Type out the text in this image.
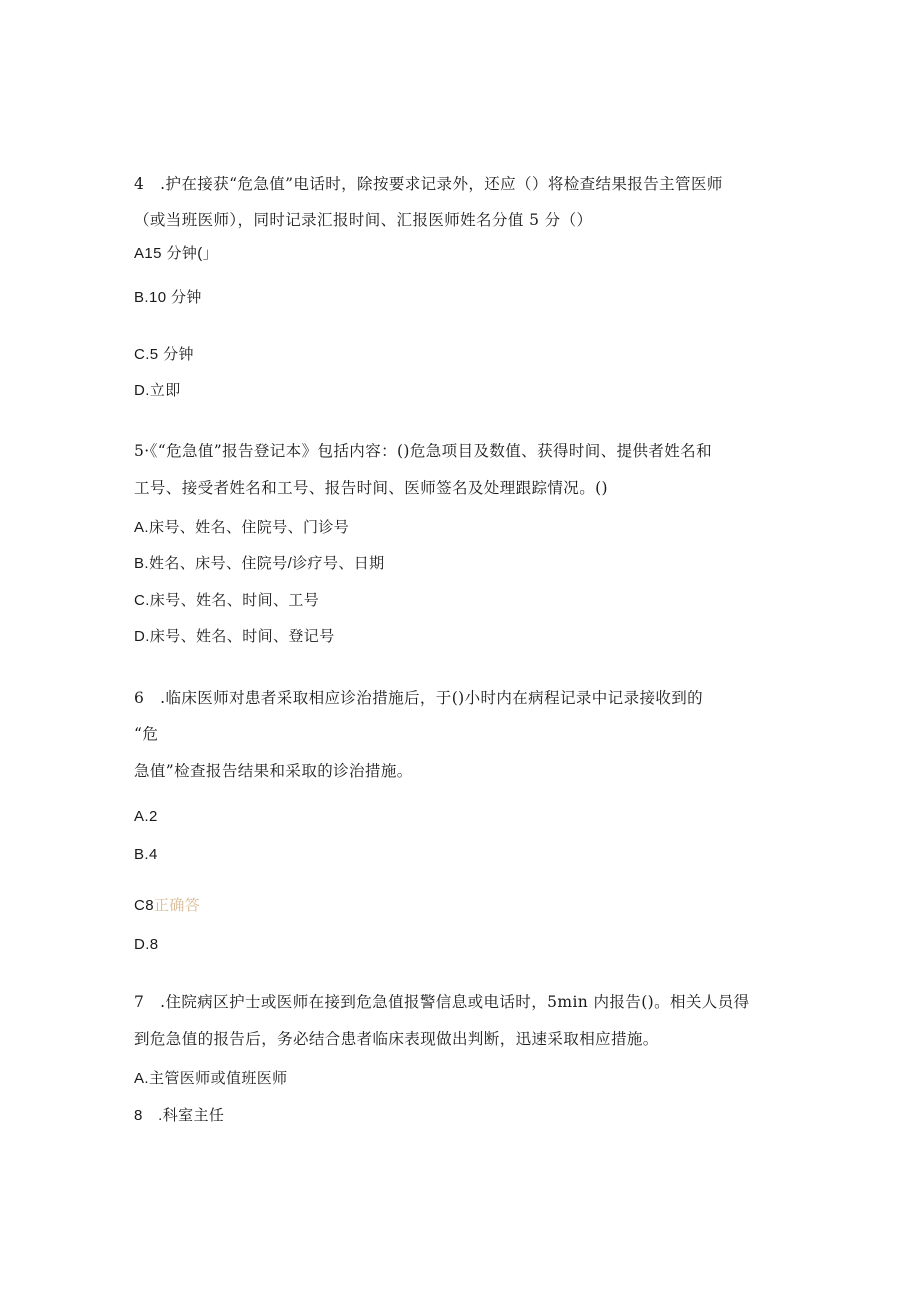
4 .护在接获“危急值”电话时，除按要求记录外，还应（）将检查结果报告主管医师
（或当班医师），同时记录汇报时间、汇报医师姓名分值 5 分（）
A15 分钟(」
B.10 分钟
C.5 分钟
D.立即
5·《“危急值”报告登记本》包括内容：()危急项目及数值、获得时间、提供者姓名和
工号、接受者姓名和工号、报告时间、医师签名及处理跟踪情况。()
A.床号、姓名、住院号、门诊号
B.姓名、床号、住院号/诊疗号、日期
C.床号、姓名、时间、工号
D.床号、姓名、时间、登记号
6 .临床医师对患者采取相应诊治措施后，于()小时内在病程记录中记录接收到的
“危
急值”检查报告结果和采取的诊治措施。
A.2
B.4
C8正确答
D.8
7 .住院病区护士或医师在接到危急值报警信息或电话时，5min 内报告()。相关人员得
到危急值的报告后，务必结合患者临床表现做出判断，迅速采取相应措施。
A.主管医师或值班医师
8 .科室主任
